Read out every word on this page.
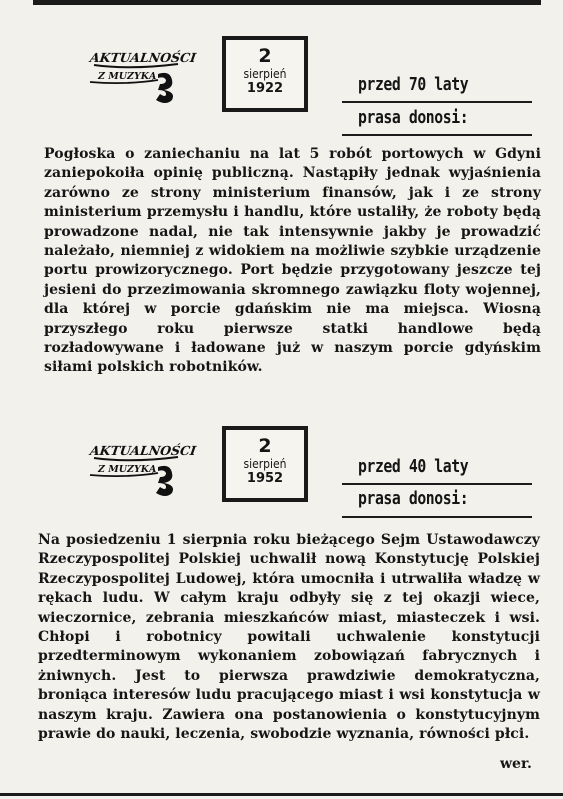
AKTUALNOŚCI
Z MUZYKĄ
2
sierpień
1922	przed 70 laty
prasa donosi:
Pogłoska o zaniechaniu na lat 5 robót portowych w Gdyni zaniepokoiła opinię publiczną. Nastąpiły jednak wyjaśnienia zarówno ze strony ministerium finansów, jak i ze strony ministerium przemysłu i handlu, które ustaliły, że roboty będą prowadzone nadal, nie tak intensywnie jakby je prowadzić należało, niemniej z widokiem na możliwie szybkie urządzenie portu prowizorycznego. Port będzie przygotowany jeszcze tej jesieni do przezimowania skromnego zawiązku floty wojennej, dla której w porcie gdańskim nie ma miejsca. Wiosną przyszłego roku pierwsze statki handlowe będą rozładowywane i ładowane już w naszym porcie gdyńskim siłami polskich robotników.
AKTUALNOŚCI
Z MUZYKĄ
2
sierpień
1952
przed 40 laty
prasa donosi:
Na posiedzeniu 1 sierpnia roku bieżącego Sejm Ustawodawczy Rzeczypospolitej Polskiej uchwalił nową Konstytucję Polskiej Rzeczypospolitej Ludowej, która umocniła i utrwaliła władzę w rękach ludu. W całym kraju odbyły się z tej okazji wiece, wieczornice, zebrania mieszkańców miast, miasteczek i wsi. Chłopi i robotnicy powitali uchwalenie konstytucji przedterminowym wykonaniem zobowiązań fabrycznych i żniwnych. Jest to pierwsza prawdziwie demokratyczna, broniąca interesów ludu pracującego miast i wsi konstytucja w naszym kraju. Zawiera ona postanowienia o konstytucyjnym prawie do nauki, leczenia, swobodzie wyznania, równości płci.
wer.
